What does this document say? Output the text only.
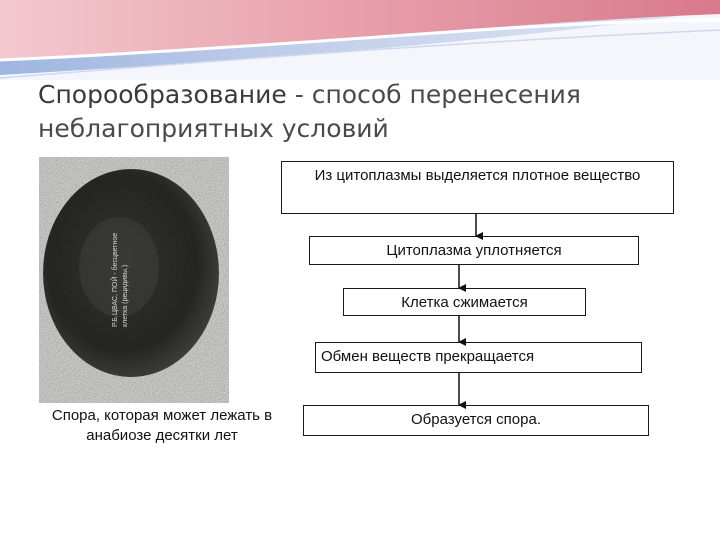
Спорообразование - способ перенесения неблагоприятных условий
Р.Б.ЦВАС, ПОЙ - бесцветное клетка (рецидивы.)
Спора, которая может лежать в анабиозе десятки лет
Из цитоплазмы выделяется плотное вещество
Цитоплазма уплотняется
Клетка сжимается
Обмен веществ прекращается
Образуется спора.
